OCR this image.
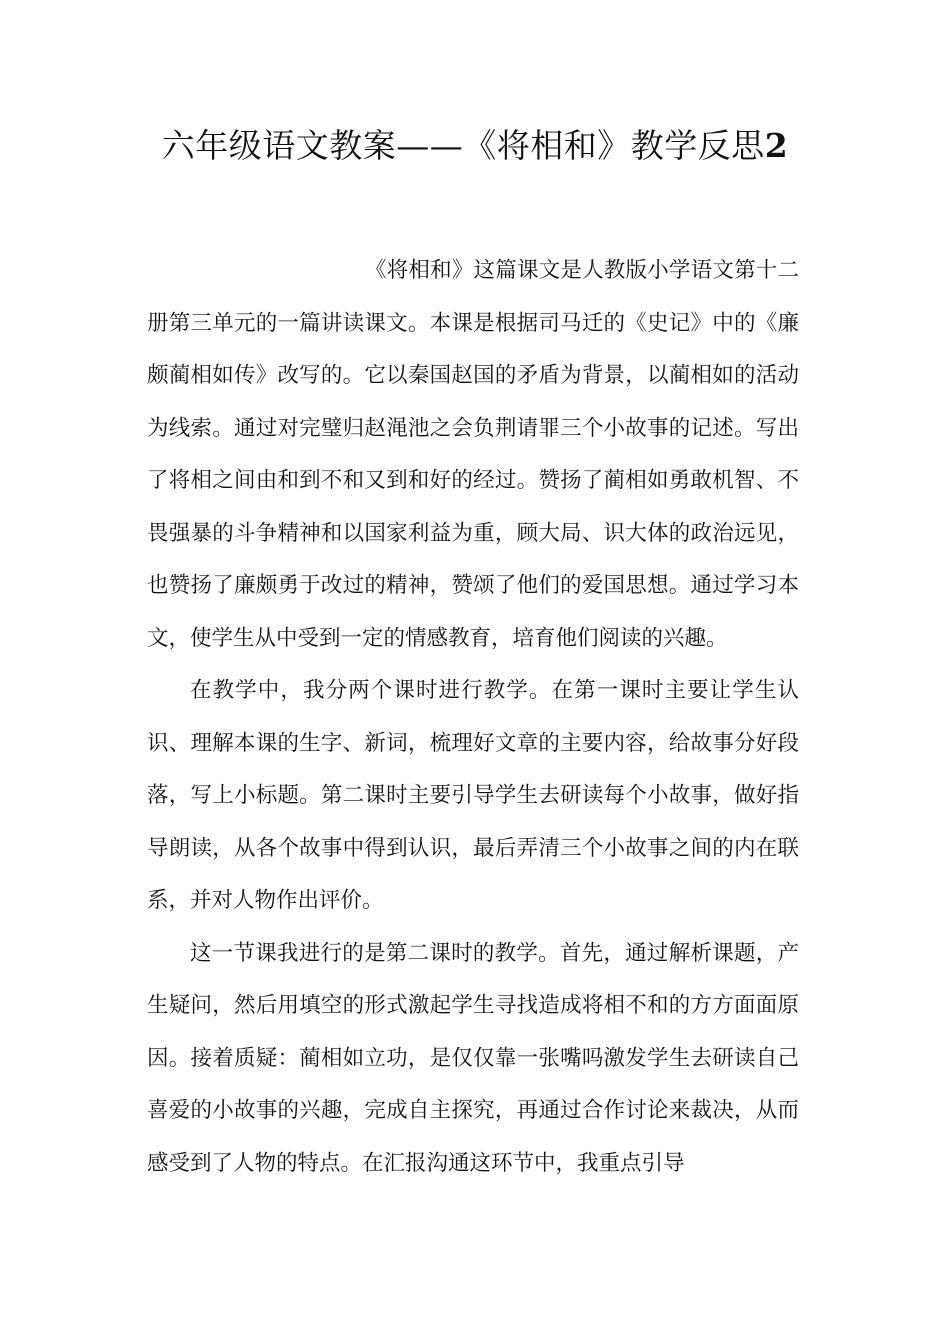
六年级语文教案——《将相和》教学反思2

《将相和》这篇课文是人教版小学语文第十二册第三单元的一篇讲读课文。本课是根据司马迁的《史记》中的《廉颇蔺相如传》改写的。它以秦国赵国的矛盾为背景，以蔺相如的活动为线索。通过对完璧归赵渑池之会负荆请罪三个小故事的记述。写出了将相之间由和到不和又到和好的经过。赞扬了蔺相如勇敢机智、不畏强暴的斗争精神和以国家利益为重，顾大局、识大体的政治远见，也赞扬了廉颇勇于改过的精神，赞颂了他们的爱国思想。通过学习本文，使学生从中受到一定的情感教育，培育他们阅读的兴趣。

在教学中，我分两个课时进行教学。在第一课时主要让学生认识、理解本课的生字、新词，梳理好文章的主要内容，给故事分好段落，写上小标题。第二课时主要引导学生去研读每个小故事，做好指导朗读，从各个故事中得到认识，最后弄清三个小故事之间的内在联系，并对人物作出评价。

这一节课我进行的是第二课时的教学。首先，通过解析课题，产生疑问，然后用填空的形式激起学生寻找造成将相不和的方方面面原因。接着质疑：蔺相如立功，是仅仅靠一张嘴吗激发学生去研读自己喜爱的小故事的兴趣，完成自主探究，再通过合作讨论来裁决，从而感受到了人物的特点。在汇报沟通这环节中，我重点引导
